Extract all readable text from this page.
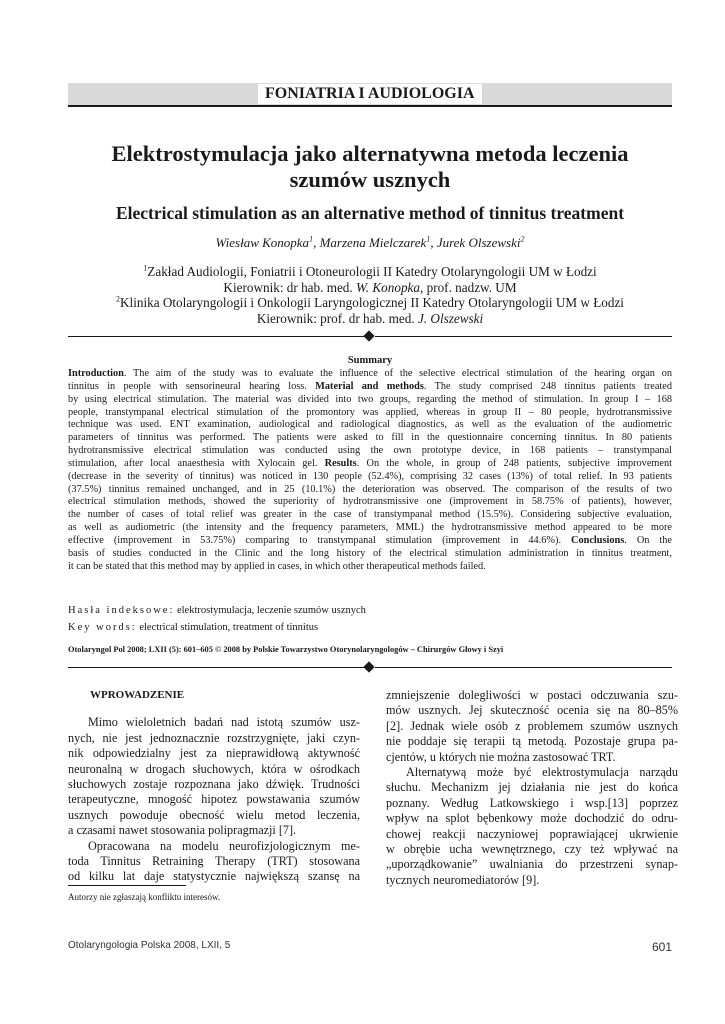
FONIATRIA I AUDIOLOGIA
Elektrostymulacja jako alternatywna metoda leczenia
szumów usznych
Electrical stimulation as an alternative method of tinnitus treatment
Wiesław Konopka$^1$, Marzena Mielczarek$^1$, Jurek Olszewski$^2$
$^1$Zakład Audiologii, Foniatrii i Otoneurologii II Katedry Otolaryngologii UM w Łodzi
Kierownik: dr hab. med. W. Konopka, prof. nadzw. UM
$^2$Klinika Otolaryngologii i Onkologii Laryngologicznej II Katedry Otolaryngologii UM w Łodzi
Kierownik: prof. dr hab. med. J. Olszewski
Summary
Introduction. The aim of the study was to evaluate the influence of the selective electrical stimulation of the hearing organ on
tinnitus in people with sensorineural hearing loss. Material and methods. The study comprised 248 tinnitus patients treated
by using electrical stimulation. The material was divided into two groups, regarding the method of stimulation. In group I – 168
people, transtympanal electrical stimulation of the promontory was applied, whereas in group II – 80 people, hydrotransmissive
technique was used. ENT examination, audiological and radiological diagnostics, as well as the evaluation of the audiometric
parameters of tinnitus was performed. The patients were asked to fill in the questionnaire concerning tinnitus. In 80 patients
hydrotransmissive electrical stimulation was conducted using the own prototype device, in 168 patients – transtympanal
stimulation, after local anaesthesia with Xylocain gel. Results. On the whole, in group of 248 patients, subjective improvement
(decrease in the severity of tinnitus) was noticed in 130 people (52.4%), comprising 32 cases (13%) of total relief. In 93 patients
(37.5%) tinnitus remained unchanged, and in 25 (10.1%) the deterioration was observed. The comparison of the results of two
electrical stimulation methods, showed the superiority of hydrotransmissive one (improvement in 58.75% of patients), however,
the number of cases of total relief was greater in the case of transtympanal method (15.5%). Considering subjective evaluation,
as well as audiometric (the intensity and the frequency parameters, MML) the hydrotransmissive method appeared to be more
effective (improvement in 53.75%) comparing to transtympanal stimulation (improvement in 44.6%). Conclusions. On the
basis of studies conducted in the Clinic and the long history of the electrical stimulation administration in tinnitus treatment,
it can be stated that this method may by applied in cases, in which other therapeutical methods failed.
Hasła indeksowe: elektrostymulacja, leczenie szumów usznych
Key words: electrical stimulation, treatment of tinnitus
Otolaryngol Pol 2008; LXII (5): 601–605 © 2008 by Polskie Towarzystwo Otorynolaryngologów – Chirurgów Głowy i Szyi
WPROWADZENIE
Mimo wieloletnich badań nad istotą szumów usz-
nych, nie jest jednoznacznie rozstrzygnięte, jaki czyn-
nik odpowiedzialny jest za nieprawidłową aktywność
neuronalną w drogach słuchowych, która w ośrodkach
słuchowych zostaje rozpoznana jako dźwięk. Trudności
terapeutyczne, mnogość hipotez powstawania szumów
usznych powoduje obecność wielu metod leczenia,
a czasami nawet stosowania polipragmazji [7].
Opracowana na modelu neurofizjologicznym me-
toda Tinnitus Retraining Therapy (TRT) stosowana
od kilku lat daje statystycznie największą szansę na
zmniejszenie dolegliwości w postaci odczuwania szu-
mów usznych. Jej skuteczność ocenia się na 80–85%
[2]. Jednak wiele osób z problemem szumów usznych
nie poddaje się terapii tą metodą. Pozostaje grupa pa-
cjentów, u których nie można zastosować TRT.
Alternatywą może być elektrostymulacja narządu
słuchu. Mechanizm jej działania nie jest do końca
poznany. Według Latkowskiego i wsp.[13] poprzez
wpływ na splot bębenkowy może dochodzić do odru-
chowej reakcji naczyniowej poprawiającej ukrwienie
w obrębie ucha wewnętrznego, czy też wpływać na
„uporządkowanie” uwalniania do przestrzeni synap-
tycznych neuromediatorów [9].
Autorzy nie zgłaszają konfliktu interesów.
Otolaryngologia Polska 2008, LXII, 5	601
